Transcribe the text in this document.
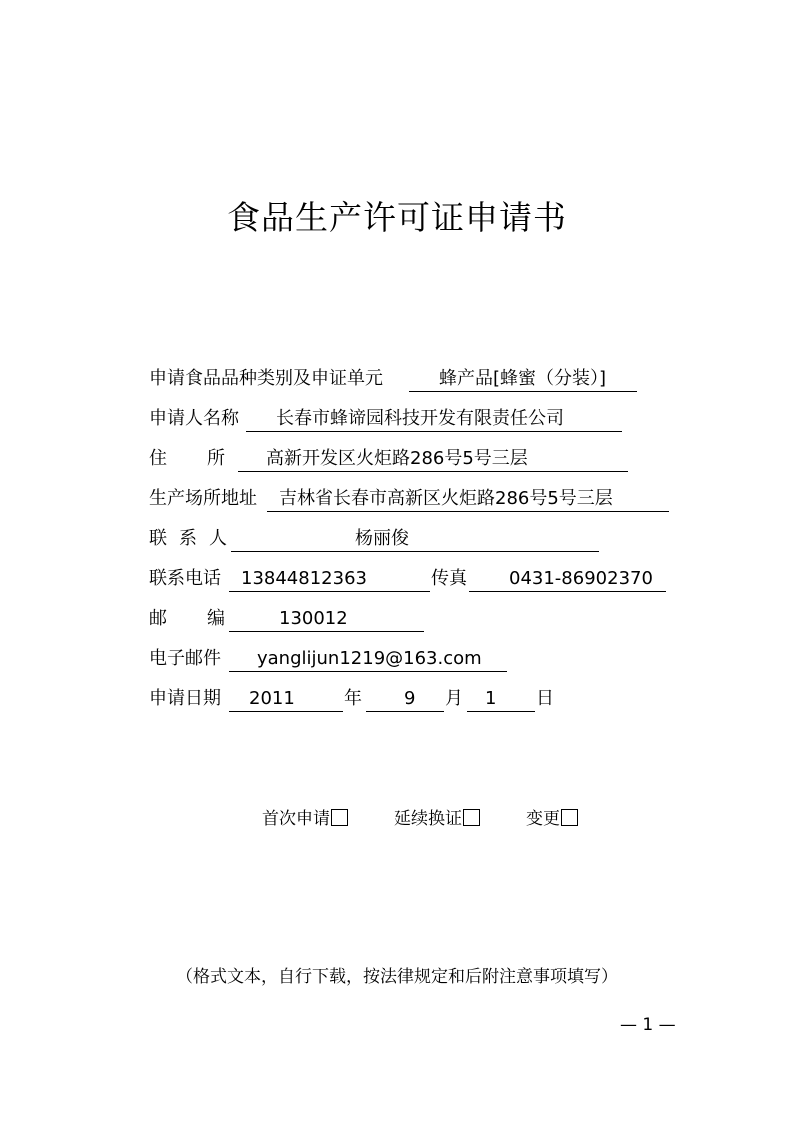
食品生产许可证申请书
申请食品品种类别及申证单元	蜂产品[蜂蜜（分装）]
申请人名称 长春市蜂谛园科技开发有限责任公司
住 所 高新开发区火炬路286号5号三层
生产场所地址 吉林省长春市高新区火炬路286号5号三层
联 系 人	杨丽俊
联系电话 13844812363	传真 0431-86902370
邮 编	130012
电子邮件 yanglijun1219@163.com
申请日期 2011	年 9 月 1 日
首次申请	延续换证	变更
（格式文本，自行下载，按法律规定和后附注意事项填写）
— 1 —
